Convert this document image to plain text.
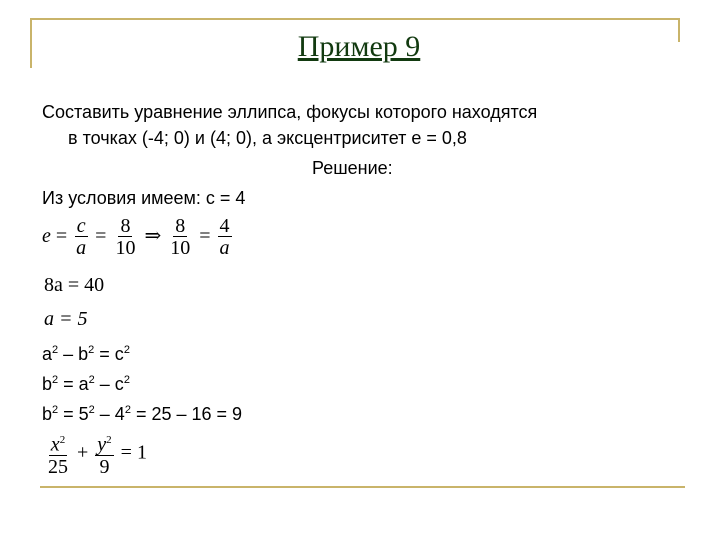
Пример 9
Составить уравнение эллипса, фокусы которого находятся
в точках (-4; 0) и (4; 0), а эксцентриситет е = 0,8
Решение:
Из условия имеем: с = 4
$e = \frac{c}{a} = \frac{8}{10}$ ⇒ $\frac{8}{10} = \frac{4}{a}$
8a = 40
a = 5
$a^2 - b^2 = c^2$
$b^2 = a^2 - c^2$
$b^2 = 5^2 - 4^2 = 25 - 16 = 9$
$\frac{x^2}{25} + \frac{y^2}{9} = 1$
